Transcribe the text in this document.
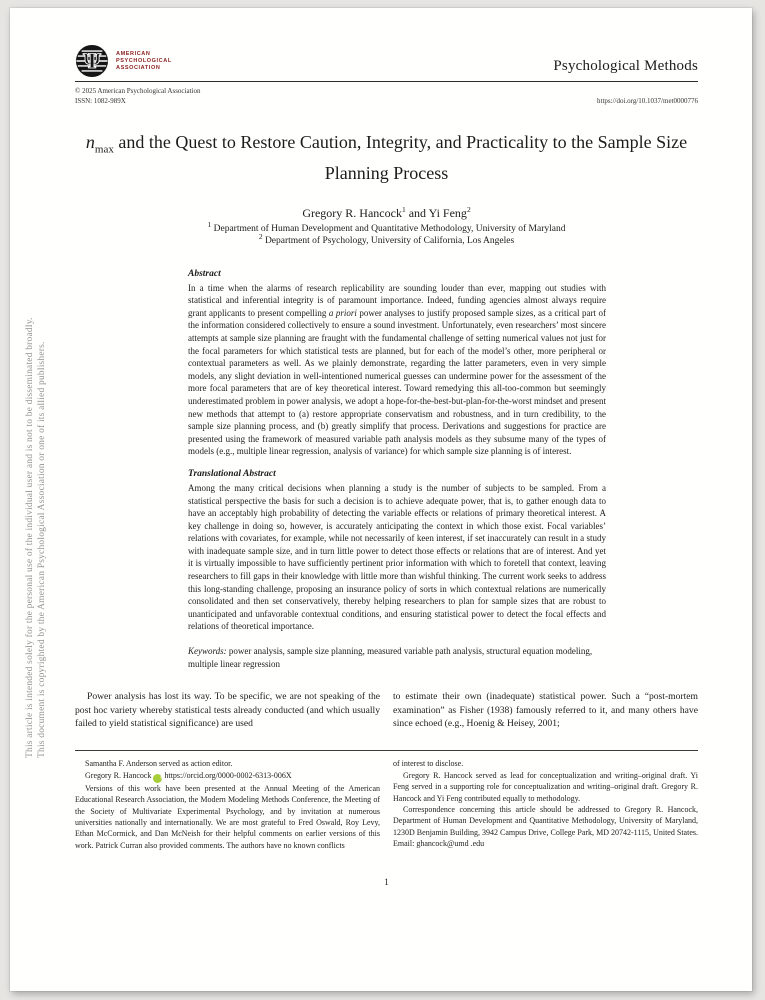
This article is intended solely for the personal use of the individual user and is not to be disseminated broadly. This document is copyrighted by the American Psychological Association or one of its allied publishers.
Ψ	AMERICAN
PSYCHOLOGICAL
ASSOCIATION	Psychological Methods
© 2025 American Psychological Association
ISSN: 1082-989X	https://doi.org/10.1037/met0000776
$n_{max}$ and the Quest to Restore Caution, Integrity, and Practicality to the Sample Size Planning Process
Gregory R. Hancock$^1$ and Yi Feng$^2$
$^1$ Department of Human Development and Quantitative Methodology, University of Maryland
$^2$ Department of Psychology, University of California, Los Angeles
Abstract
In a time when the alarms of research replicability are sounding louder than ever, mapping out studies with statistical and inferential integrity is of paramount importance. Indeed, funding agencies almost always require grant applicants to present compelling a priori power analyses to justify proposed sample sizes, as a critical part of the information considered collectively to ensure a sound investment. Unfortunately, even researchers’ most sincere attempts at sample size planning are fraught with the fundamental challenge of setting numerical values not just for the focal parameters for which statistical tests are planned, but for each of the model’s other, more peripheral or contextual parameters as well. As we plainly demonstrate, regarding the latter parameters, even in very simple models, any slight deviation in well-intentioned numerical guesses can undermine power for the assessment of the more focal parameters that are of key theoretical interest. Toward remedying this all-too-common but seemingly underestimated problem in power analysis, we adopt a hope-for-the-best-but-plan-for-the-worst mindset and present new methods that attempt to (a) restore appropriate conservatism and robustness, and in turn credibility, to the sample size planning process, and (b) greatly simplify that process. Derivations and suggestions for practice are presented using the framework of measured variable path analysis models as they subsume many of the types of models (e.g., multiple linear regression, analysis of variance) for which sample size planning is of interest.
Translational Abstract
Among the many critical decisions when planning a study is the number of subjects to be sampled. From a statistical perspective the basis for such a decision is to achieve adequate power, that is, to gather enough data to have an acceptably high probability of detecting the variable effects or relations of primary theoretical interest. A key challenge in doing so, however, is accurately anticipating the context in which those exist. Focal variables’ relations with covariates, for example, while not necessarily of keen interest, if set inaccurately can result in a study with inadequate sample size, and in turn little power to detect those effects or relations that are of interest. And yet it is virtually impossible to have sufficiently pertinent prior information with which to foretell that context, leaving researchers to fill gaps in their knowledge with little more than wishful thinking. The current work seeks to address this long-standing challenge, proposing an insurance policy of sorts in which contextual relations are numerically consolidated and then set conservatively, thereby helping researchers to plan for sample sizes that are robust to unanticipated and unfavorable contextual conditions, and ensuring statistical power to detect the focal effects and relations of theoretical importance.
Keywords: power analysis, sample size planning, measured variable path analysis, structural equation modeling, multiple linear regression

Power analysis has lost its way. To be specific, we are not speaking of the post hoc variety whereby statistical tests already conducted (and which usually failed to yield statistical significance) are used

to estimate their own (inadequate) statistical power. Such a “post-mortem examination” as Fisher (1938) famously referred to it, and many others have since echoed (e.g., Hoenig & Heisey, 2001;

Samantha F. Anderson served as action editor.

Gregory R. Hancock iD https://orcid.org/0000-0002-6313-006X

Versions of this work have been presented at the Annual Meeting of the American Educational Research Association, the Modern Modeling Methods Conference, the Meeting of the Society of Multivariate Experimental Psychology, and by invitation at numerous universities nationally and internationally. We are most grateful to Fred Oswald, Roy Levy, Ethan McCormick, and Dan McNeish for their helpful comments on earlier versions of this work. Patrick Curran also provided comments. The authors have no known conflicts

of interest to disclose.

Gregory R. Hancock served as lead for conceptualization and writing–original draft. Yi Feng served in a supporting role for conceptualization and writing–original draft. Gregory R. Hancock and Yi Feng contributed equally to methodology.

Correspondence concerning this article should be addressed to Gregory R. Hancock, Department of Human Development and Quantitative Methodology, University of Maryland, 1230D Benjamin Building, 3942 Campus Drive, College Park, MD 20742-1115, United States. Email: ghancock@umd .edu

1
